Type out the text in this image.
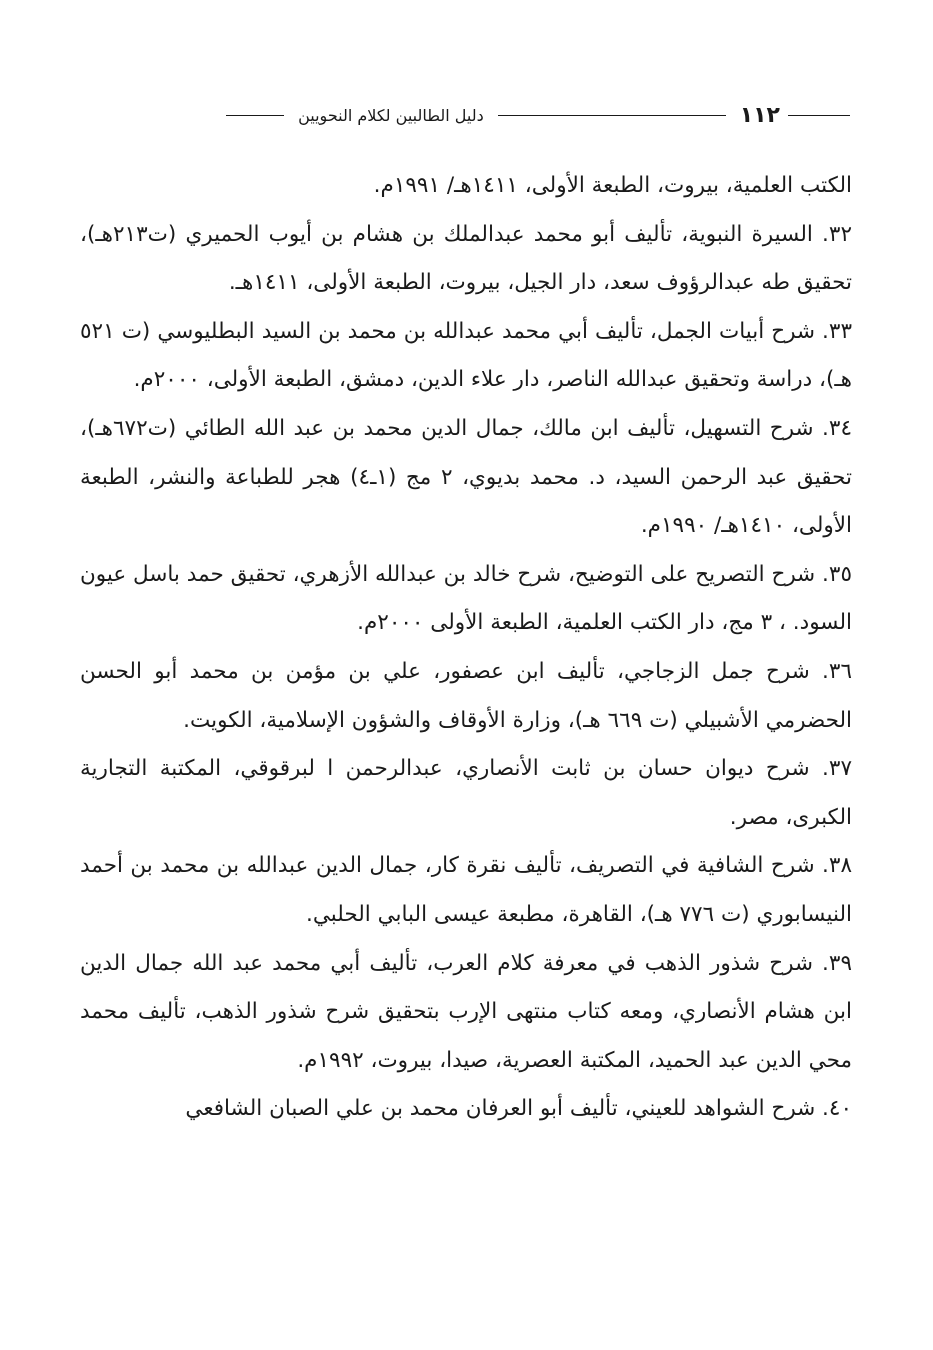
١١٢
دليل الطالبين لكلام النحويين

الكتب العلمية، بيروت، الطبعة الأولى، ١٤١١هـ/ ١٩٩١م.

٣٢. السيرة النبوية، تأليف أبو محمد عبدالملك بن هشام بن أيوب الحميري (ت٢١٣هـ)، تحقيق طه عبدالرؤوف سعد، دار الجيل، بيروت، الطبعة الأولى، ١٤١١هـ.

٣٣. شرح أبيات الجمل، تأليف أبي محمد عبدالله بن محمد بن السيد البطليوسي (ت ٥٢١ هـ)، دراسة وتحقيق عبدالله الناصر، دار علاء الدين، دمشق، الطبعة الأولى، ٢٠٠٠م.

٣٤. شرح التسهيل، تأليف ابن مالك، جمال الدين محمد بن عبد الله الطائي (ت٦٧٢هـ)، تحقيق عبد الرحمن السيد، د. محمد بديوي، ٢ مج (١ـ٤) هجر للطباعة والنشر، الطبعة الأولى، ١٤١٠هـ/ ١٩٩٠م.

٣٥. شرح التصريح على التوضيح، شرح خالد بن عبدالله الأزهري، تحقيق حمد باسل عيون السود. ، ٣ مج، دار الكتب العلمية، الطبعة الأولى ٢٠٠٠م.

٣٦. شرح جمل الزجاجي، تأليف ابن عصفور، علي بن مؤمن بن محمد أبو الحسن الحضرمي الأشبيلي (ت ٦٦٩ هـ)، وزارة الأوقاف والشؤون الإسلامية، الكويت.

٣٧. شرح ديوان حسان بن ثابت الأنصاري، عبدالرحمن ا لبرقوقي، المكتبة التجارية الكبرى، مصر.

٣٨. شرح الشافية في التصريف، تأليف نقرة كار، جمال الدين عبدالله بن محمد بن أحمد النيسابوري (ت ٧٧٦ هـ)، القاهرة، مطبعة عيسى البابي الحلبي.

٣٩. شرح شذور الذهب في معرفة كلام العرب، تأليف أبي محمد عبد الله جمال الدين ابن هشام الأنصاري، ومعه كتاب منتهى الإرب بتحقيق شرح شذور الذهب، تأليف محمد محي الدين عبد الحميد، المكتبة العصرية، صيدا، بيروت، ١٩٩٢م.

٤٠. شرح الشواهد للعيني، تأليف أبو العرفان محمد بن علي الصبان الشافعي
